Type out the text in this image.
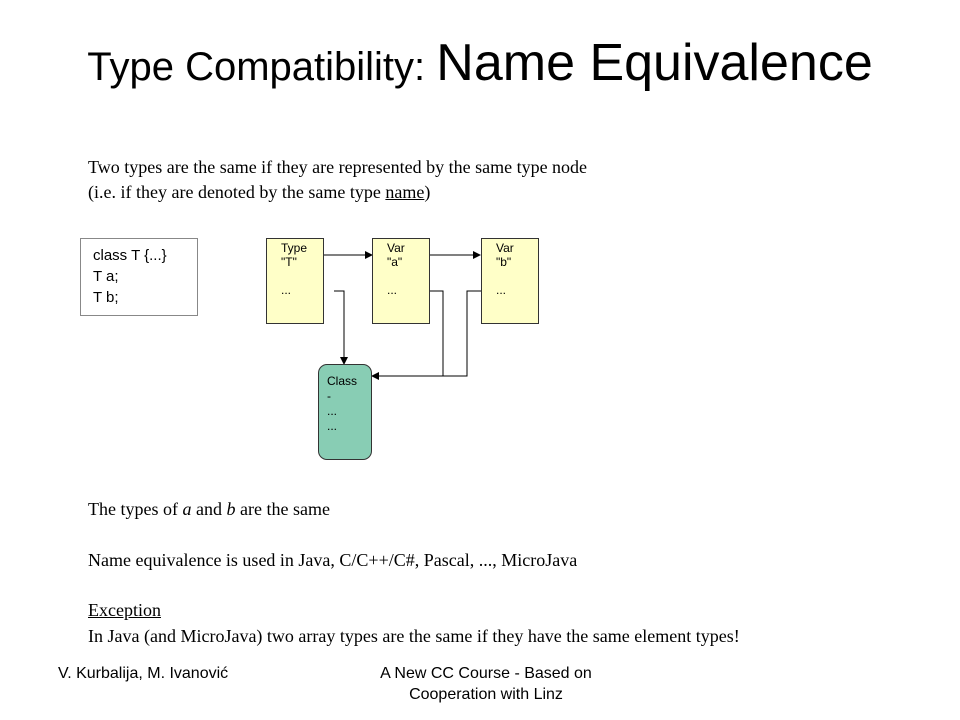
Type Compatibility: Name Equivalence
Two types are the same if they are represented by the same type node
(i.e. if they are denoted by the same type name)
class T {...}
T a;
T b;
Type
"T"
...
Var
"a"
...
Var
"b"
...
Class
-
...
...
The types of a and b are the same
Name equivalence is used in Java, C/C++/C#, Pascal, ..., MicroJava
Exception
In Java (and MicroJava) two array types are the same if they have the same element types!
V. Kurbalija, M. Ivanović	A New CC Course - Based on
Cooperation with Linz
